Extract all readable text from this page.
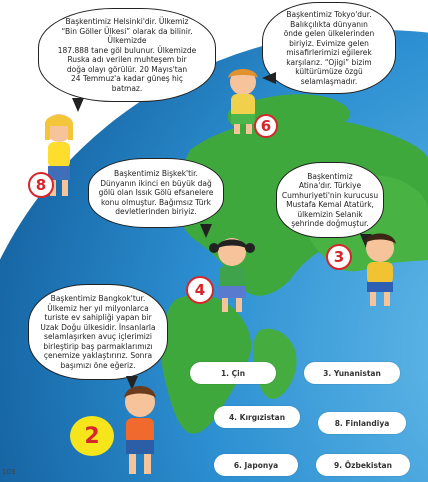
Başkentimiz Helsinki'dir. Ülkemiz
“Bin Göller Ülkesi” olarak da bilinir.
Ülkemizde
187.888 tane göl bulunur. Ülkemizde
Ruska adı verilen muhteşem bir
doğa olayı görülür. 20 Mayıs'tan
24 Temmuz'a kadar güneş hiç
batmaz.
Başkentimiz Tokyo'dur.
Balıkçılıkta dünyanın
önde gelen ülkelerinden
biriyiz. Evimize gelen
misafirlerimizi eğilerek
karşılarız. “Ojigi” bizim
kültürümüze özgü
selamlaşmadır.
Başkentimiz Bişkek'tir.
Dünyanın ikinci en büyük dağ
gölü olan Issık Gölü efsanelere
konu olmuştur. Bağımsız Türk
devletlerinden biriyiz.
Başkentimiz
Atina'dır. Türkiye
Cumhuriyeti'nin kurucusu
Mustafa Kemal Atatürk,
ülkemizin Selanik
şehrinde doğmuştur.
Başkentimiz Bangkok'tur.
Ülkemiz her yıl milyonlarca
turiste ev sahipliği yapan bir
Uzak Doğu ülkesidir. İnsanlarla
selamlaşırken avuç içlerimizi
birleştirip baş parmaklarımızı
çenemize yaklaştırırız. Sonra
başımızı öne eğeriz.
6
8
3
4
2
1. Çin	3. Yunanistan
4. Kırgızistan
8. Finlandiya
6. Japonya	9. Özbekistan
103
